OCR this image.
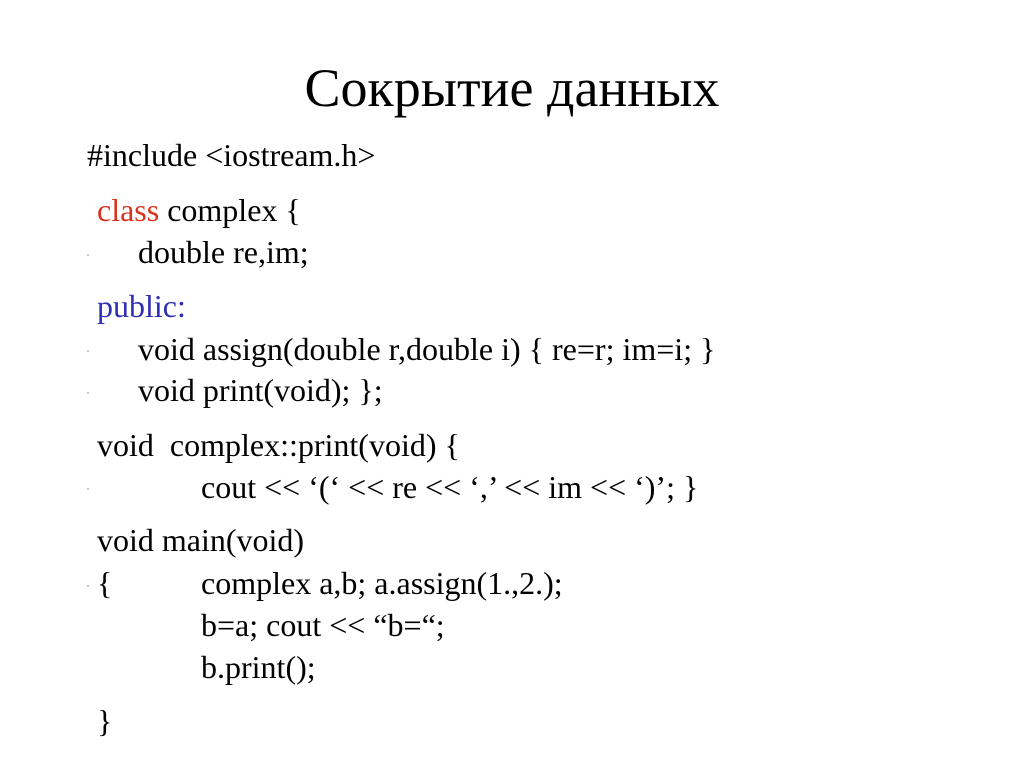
Сокрытие данных
#include <iostream.h>
class complex {
double re,im;
public:
void assign(double r,double i) { re=r; im=i; }
void print(void); };
void  complex::print(void) {
cout << ‘(‘ << re << ‘,’ << im << ‘)’; }
void main(void)
{	complex a,b; a.assign(1.,2.);
b=a; cout << “b=“;
b.print();
}
